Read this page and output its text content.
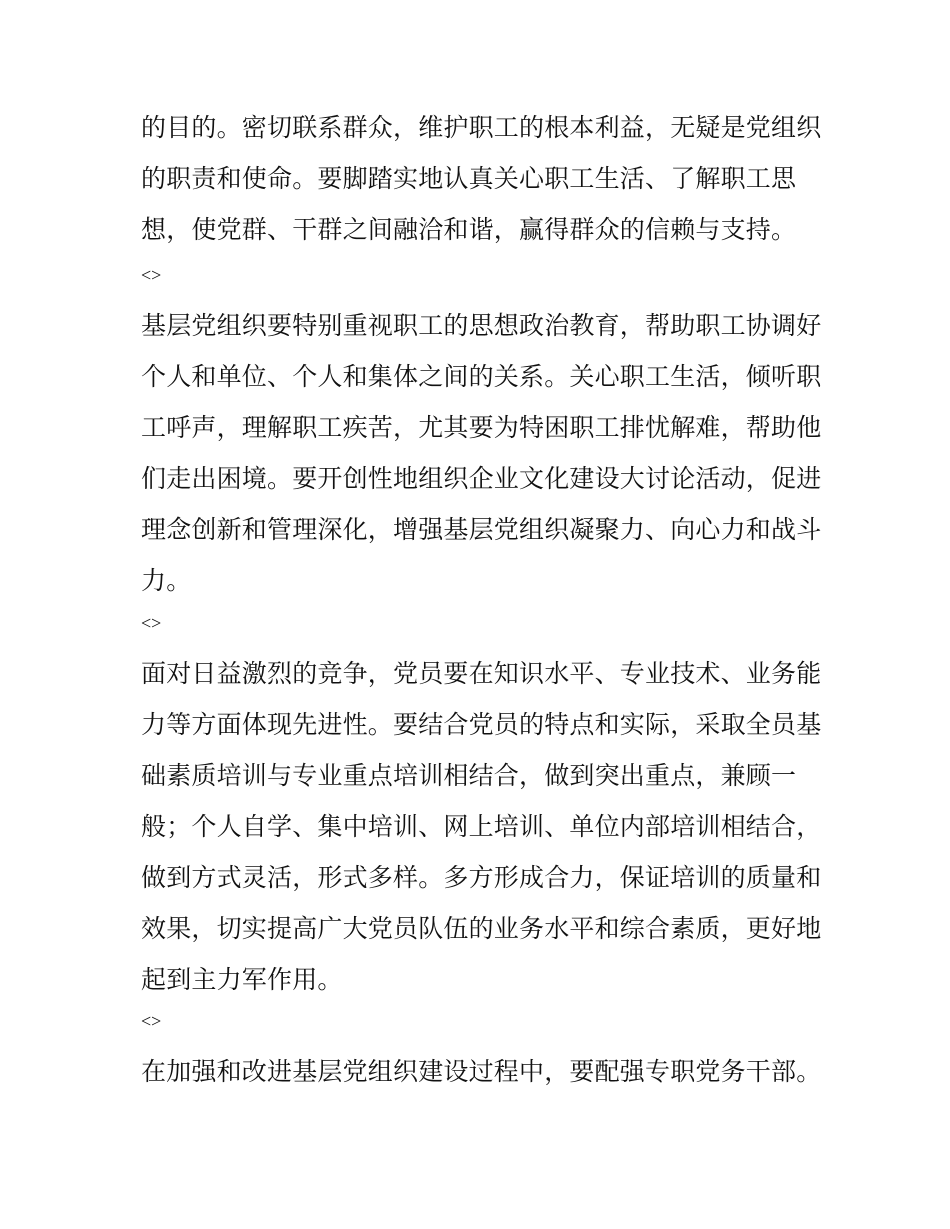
的目的。密切联系群众，维护职工的根本利益，无疑是党组织
的职责和使命。要脚踏实地认真关心职工生活、了解职工思
想，使党群、干群之间融洽和谐，赢得群众的信赖与支持。
<>
基层党组织要特别重视职工的思想政治教育，帮助职工协调好
个人和单位、个人和集体之间的关系。关心职工生活，倾听职
工呼声，理解职工疾苦，尤其要为特困职工排忧解难，帮助他
们走出困境。要开创性地组织企业文化建设大讨论活动，促进
理念创新和管理深化，增强基层党组织凝聚力、向心力和战斗
力。
<>
面对日益激烈的竞争，党员要在知识水平、专业技术、业务能
力等方面体现先进性。要结合党员的特点和实际，采取全员基
础素质培训与专业重点培训相结合，做到突出重点，兼顾一
般；个人自学、集中培训、网上培训、单位内部培训相结合，
做到方式灵活，形式多样。多方形成合力，保证培训的质量和
效果，切实提高广大党员队伍的业务水平和综合素质，更好地
起到主力军作用。
<>
在加强和改进基层党组织建设过程中，要配强专职党务干部。
